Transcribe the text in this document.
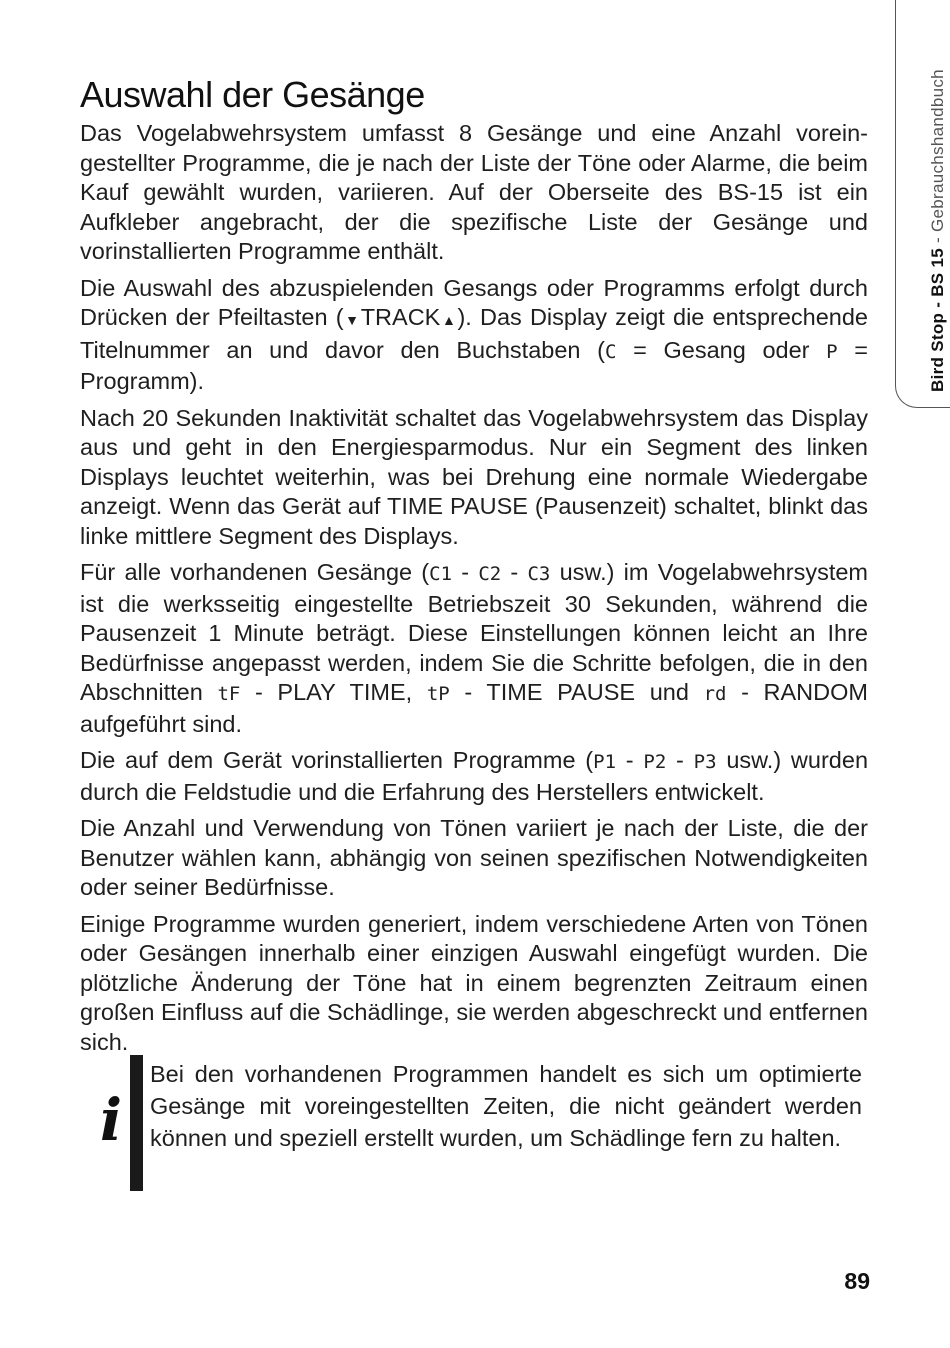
Bird Stop - BS 15 - Gebrauchshandbuch
Auswahl der Gesänge

Das Vogelabwehrsystem umfasst 8 Gesänge und eine Anzahl voreingestellter Programme, die je nach der Liste der Töne oder Alarme, die beim Kauf gewählt wurden, variieren. Auf der Oberseite des BS-15 ist ein Aufkleber angebracht, der die spezifische Liste der Gesänge und vorinstallierten Programme enthält.

Die Auswahl des abzuspielenden Gesangs oder Programms erfolgt durch Drücken der Pfeiltasten (▼TRACK▲). Das Display zeigt die entsprechende Titelnummer an und davor den Buchstaben (C = Gesang oder P = Programm).

Nach 20 Sekunden Inaktivität schaltet das Vogelabwehrsystem das Display aus und geht in den Energiesparmodus. Nur ein Segment des linken Displays leuchtet weiterhin, was bei Drehung eine normale Wiedergabe anzeigt. Wenn das Gerät auf TIME PAUSE (Pausenzeit) schaltet, blinkt das linke mittlere Segment des Displays.

Für alle vorhandenen Gesänge (C1 - C2 - C3 usw.) im Vogelabwehrsystem ist die werksseitig eingestellte Betriebszeit 30 Sekunden, während die Pausenzeit 1 Minute beträgt. Diese Einstellungen können leicht an Ihre Bedürfnisse angepasst werden, indem Sie die Schritte befolgen, die in den Abschnitten tF - PLAY TIME, tP - TIME PAUSE und rd - RANDOM aufgeführt sind.

Die auf dem Gerät vorinstallierten Programme (P1 - P2 - P3 usw.) wurden durch die Feldstudie und die Erfahrung des Herstellers entwickelt.

Die Anzahl und Verwendung von Tönen variiert je nach der Liste, die der Benutzer wählen kann, abhängig von seinen spezifischen Notwendigkeiten oder seiner Bedürfnisse.

Einige Programme wurden generiert, indem verschiedene Arten von Tönen oder Gesängen innerhalb einer einzigen Auswahl eingefügt wurden. Die plötzliche Änderung der Töne hat in einem begrenzten Zeitraum einen großen Einfluss auf die Schädlinge, sie werden abgeschreckt und entfernen sich.

i
Bei den vorhandenen Programmen handelt es sich um optimierte Gesänge mit voreingestellten Zeiten, die nicht geändert werden können und speziell erstellt wurden, um Schädlinge fern zu halten.
89
